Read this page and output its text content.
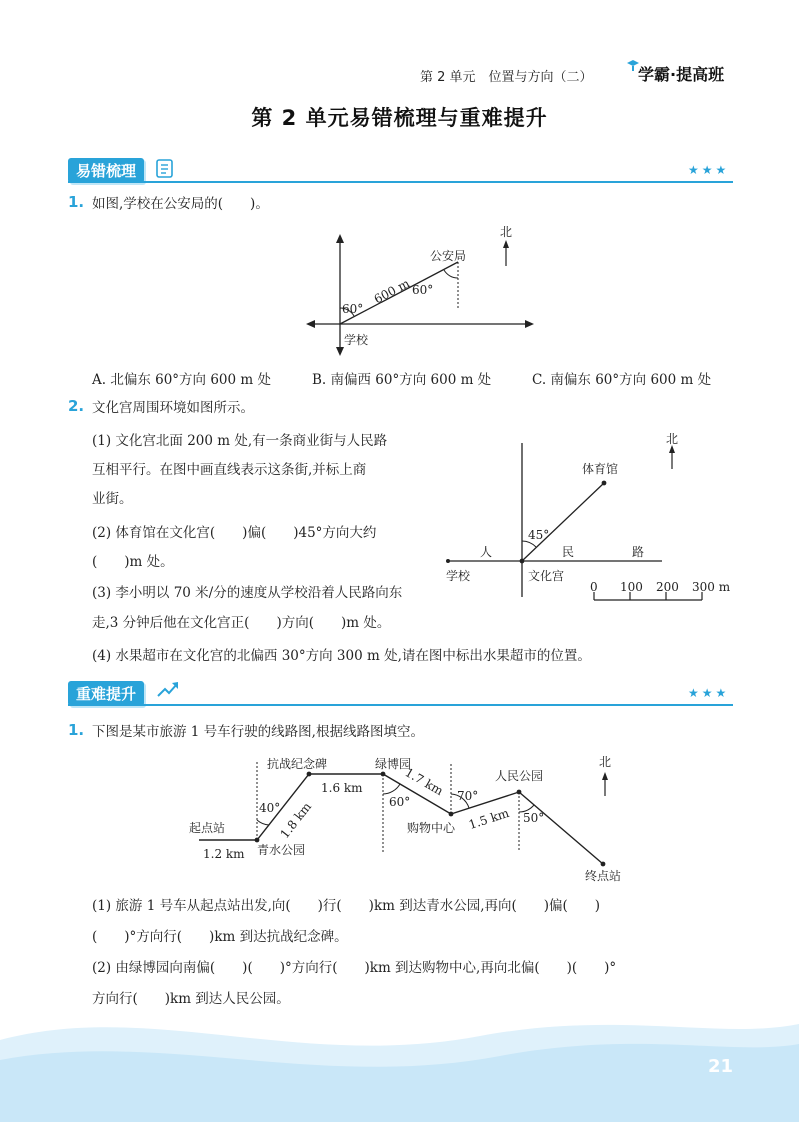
第 2 单元　位置与方向（二）	学霸·提高班
第 2 单元易错梳理与重难提升
易错梳理	★★★
1. 如图,学校在公安局的(　　)。
北
公安局
600 m
60°
60°
学校
A. 北偏东 60°方向 600 m 处	B. 南偏西 60°方向 600 m 处	C. 南偏东 60°方向 600 m 处
2. 文化宫周围环境如图所示。
(1) 文化宫北面 200 m 处,有一条商业街与人民路
互相平行。在图中画直线表示这条街,并标上商
业街。
(2) 体育馆在文化宫(　　)偏(　　)45°方向大约
(　　)m 处。
(3) 李小明以 70 米/分的速度从学校沿着人民路向东
走,3 分钟后他在文化宫正(　　)方向(　　)m 处。
(4) 水果超市在文化宫的北偏西 30°方向 300 m 处,请在图中标出水果超市的位置。
北
体育馆
45°
人	民	路
学校	文化宫
0 100 200 300 m
重难提升	★★★
1. 下图是某市旅游 1 号车行驶的线路图,根据线路图填空。
北
起点站
1.2 km 青水公园
40°
1.8 km
抗战纪念碑
1.6 km
绿博园
60°
1.7 km
购物中心
70°
1.5 km
人民公园
50°
终点站
(1) 旅游 1 号车从起点站出发,向(　　)行(　　)km 到达青水公园,再向(　　)偏(　　)
(　　)°方向行(　　)km 到达抗战纪念碑。
(2) 由绿博园向南偏(　　)(　　)°方向行(　　)km 到达购物中心,再向北偏(　　)(　　)°
方向行(　　)km 到达人民公园。
21
